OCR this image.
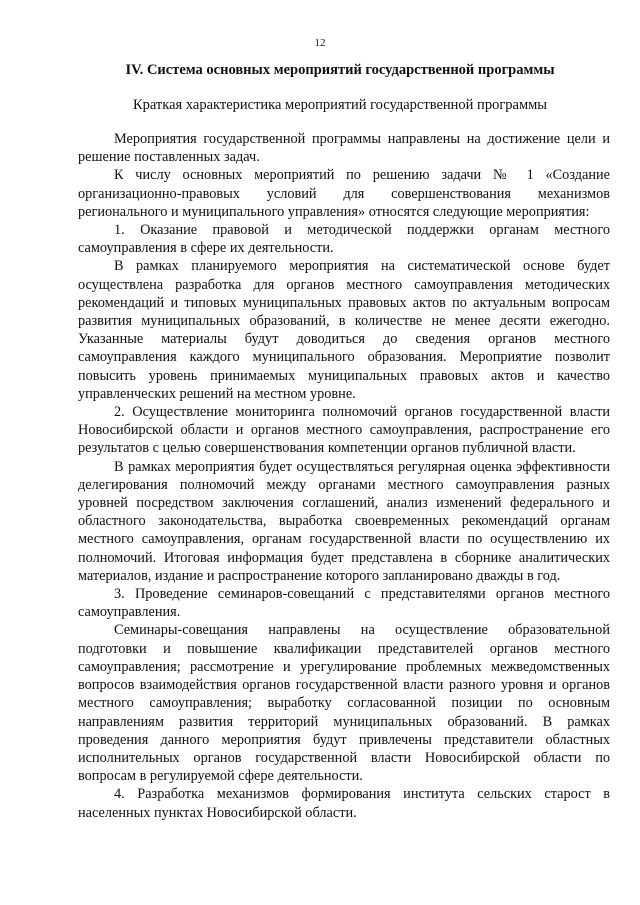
12
IV. Система основных мероприятий государственной программы
Краткая характеристика мероприятий государственной программы

Мероприятия государственной программы направлены на достижение цели и решение поставленных задач.

К числу основных мероприятий по решению задачи № 1 «Создание организационно-правовых условий для совершенствования механизмов регионального и муниципального управления» относятся следующие мероприятия:

1. Оказание правовой и методической поддержки органам местного самоуправления в сфере их деятельности.

В рамках планируемого мероприятия на систематической основе будет осуществлена разработка для органов местного самоуправления методических рекомендаций и типовых муниципальных правовых актов по актуальным вопросам развития муниципальных образований, в количестве не менее десяти ежегодно. Указанные материалы будут доводиться до сведения органов местного самоуправления каждого муниципального образования. Мероприятие позволит повысить уровень принимаемых муниципальных правовых актов и качество управленческих решений на местном уровне.

2. Осуществление мониторинга полномочий органов государственной власти Новосибирской области и органов местного самоуправления, распространение его результатов с целью совершенствования компетенции органов публичной власти.

В рамках мероприятия будет осуществляться регулярная оценка эффективности делегирования полномочий между органами местного самоуправления разных уровней посредством заключения соглашений, анализ изменений федерального и областного законодательства, выработка своевременных рекомендаций органам местного самоуправления, органам государственной власти по осуществлению их полномочий. Итоговая информация будет представлена в сборнике аналитических материалов, издание и распространение которого запланировано дважды в год.

3. Проведение семинаров-совещаний с представителями органов местного самоуправления.

Семинары-совещания направлены на осуществление образовательной подготовки и повышение квалификации представителей органов местного самоуправления; рассмотрение и урегулирование проблемных межведомственных вопросов взаимодействия органов государственной власти разного уровня и органов местного самоуправления; выработку согласованной позиции по основным направлениям развития территорий муниципальных образований. В рамках проведения данного мероприятия будут привлечены представители областных исполнительных органов государственной власти Новосибирской области по вопросам в регулируемой сфере деятельности.

4. Разработка механизмов формирования института сельских старост в населенных пунктах Новосибирской области.
